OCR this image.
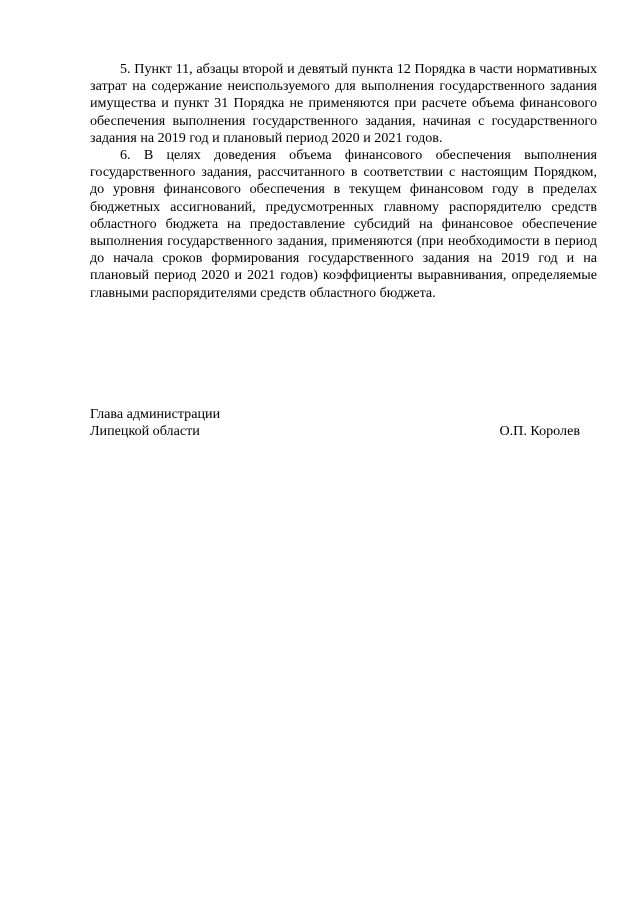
5. Пункт 11, абзацы второй и девятый пункта 12 Порядка в части нормативных затрат на содержание неиспользуемого для выполнения государственного задания имущества и пункт 31 Порядка не применяются при расчете объема финансового обеспечения выполнения государственного задания, начиная с государственного задания на 2019 год и плановый период 2020 и 2021 годов.

6. В целях доведения объема финансового обеспечения выполнения государственного задания, рассчитанного в соответствии с настоящим Порядком, до уровня финансового обеспечения в текущем финансовом году в пределах бюджетных ассигнований, предусмотренных главному распорядителю средств областного бюджета на предоставление субсидий на финансовое обеспечение выполнения государственного задания, применяются (при необходимости в период до начала сроков формирования государственного задания на 2019 год и на плановый период 2020 и 2021 годов) коэффициенты выравнивания, определяемые главными распорядителями средств областного бюджета.

Глава администрации
Липецкой области	О.П. Королев
